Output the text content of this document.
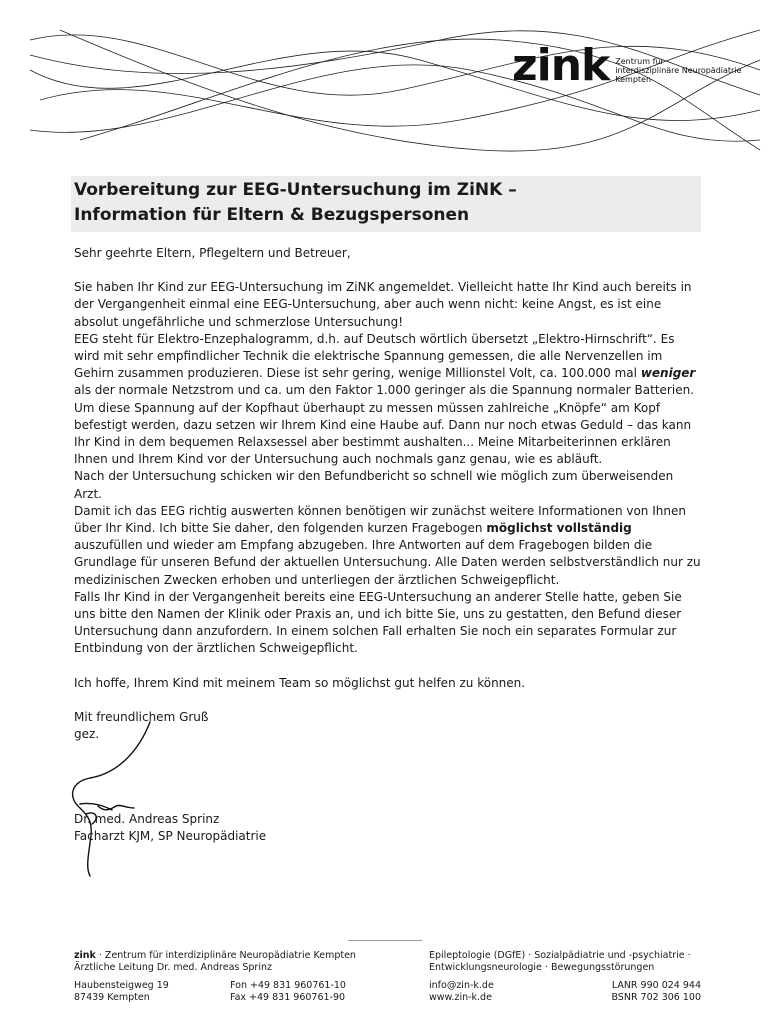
zink Zentrum für
interdisziplinäre Neuropädiatrie
Kempten
Vorbereitung zur EEG-Untersuchung im ZiNK –
Information für Eltern & Bezugspersonen

Sehr geehrte Eltern, Pflegeltern und Betreuer,

Sie haben Ihr Kind zur EEG-Untersuchung im ZiNK angemeldet. Vielleicht hatte Ihr Kind auch bereits in der Vergangenheit einmal eine EEG-Untersuchung, aber auch wenn nicht: keine Angst, es ist eine absolut ungefährliche und schmerzlose Untersuchung!

EEG steht für Elektro-Enzephalogramm, d.h. auf Deutsch wörtlich übersetzt „Elektro-Hirnschrift“. Es wird mit sehr empfindlicher Technik die elektrische Spannung gemessen, die alle Nervenzellen im Gehirn zusammen produzieren. Diese ist sehr gering, wenige Millionstel Volt, ca. 100.000 mal weniger als der normale Netzstrom und ca. um den Faktor 1.000 geringer als die Spannung normaler Batterien.

Um diese Spannung auf der Kopfhaut überhaupt zu messen müssen zahlreiche „Knöpfe“ am Kopf befestigt werden, dazu setzen wir Ihrem Kind eine Haube auf. Dann nur noch etwas Geduld – das kann Ihr Kind in dem bequemen Relaxsessel aber bestimmt aushalten... Meine Mitarbeiterinnen erklären Ihnen und Ihrem Kind vor der Untersuchung auch nochmals ganz genau, wie es abläuft.

Nach der Untersuchung schicken wir den Befundbericht so schnell wie möglich zum überweisenden Arzt.

Damit ich das EEG richtig auswerten können benötigen wir zunächst weitere Informationen von Ihnen über Ihr Kind. Ich bitte Sie daher, den folgenden kurzen Fragebogen möglichst vollständig auszufüllen und wieder am Empfang abzugeben. Ihre Antworten auf dem Fragebogen bilden die Grundlage für unseren Befund der aktuellen Untersuchung. Alle Daten werden selbstverständlich nur zu medizinischen Zwecken erhoben und unterliegen der ärztlichen Schweigepflicht.

Falls Ihr Kind in der Vergangenheit bereits eine EEG-Untersuchung an anderer Stelle hatte, geben Sie uns bitte den Namen der Klinik oder Praxis an, und ich bitte Sie, uns zu gestatten, den Befund dieser Untersuchung dann anzufordern. In einem solchen Fall erhalten Sie noch ein separates Formular zur Entbindung von der ärztlichen Schweigepflicht.

Ich hoffe, Ihrem Kind mit meinem Team so möglichst gut helfen zu können.

Mit freundlichem Gruß

gez.

Dr. med. Andreas Sprinz

Facharzt KJM, SP Neuropädiatrie

zink · Zentrum für interdiziplinäre Neuropädiatrie Kempten
Ärztliche Leitung Dr. med. Andreas Sprinz
Haubensteigweg 19	Fon +49 831 960761-10
87439 Kempten	Fax +49 831 960761-90
Epileptologie (DGfE) · Sozialpädiatrie und -psychiatrie ·
Entwicklungsneurologie · Bewegungsstörungen
info@zin-k.de	LANR 990 024 944
www.zin-k.de	BSNR 702 306 100
